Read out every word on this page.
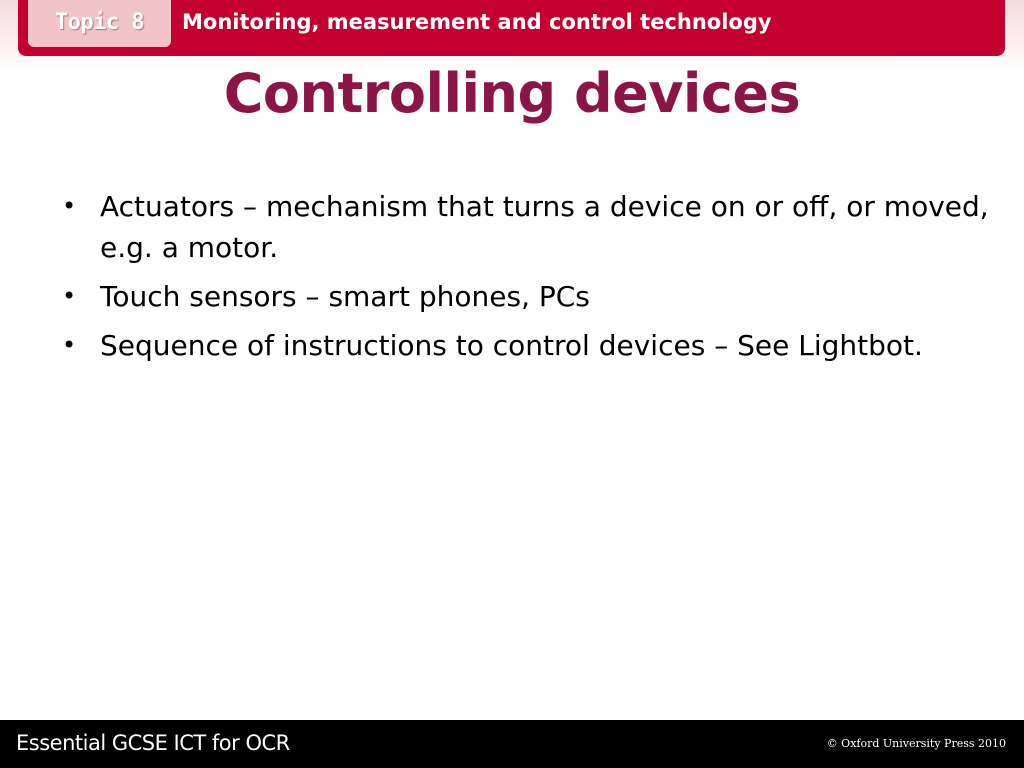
Topic 8	Monitoring, measurement and control technology
Controlling devices
• Actuators – mechanism that turns a device on or off, or moved, e.g. a motor.
• Touch sensors – smart phones, PCs
• Sequence of instructions to control devices – See Lightbot.
Essential GCSE ICT for OCR	© Oxford University Press 2010
